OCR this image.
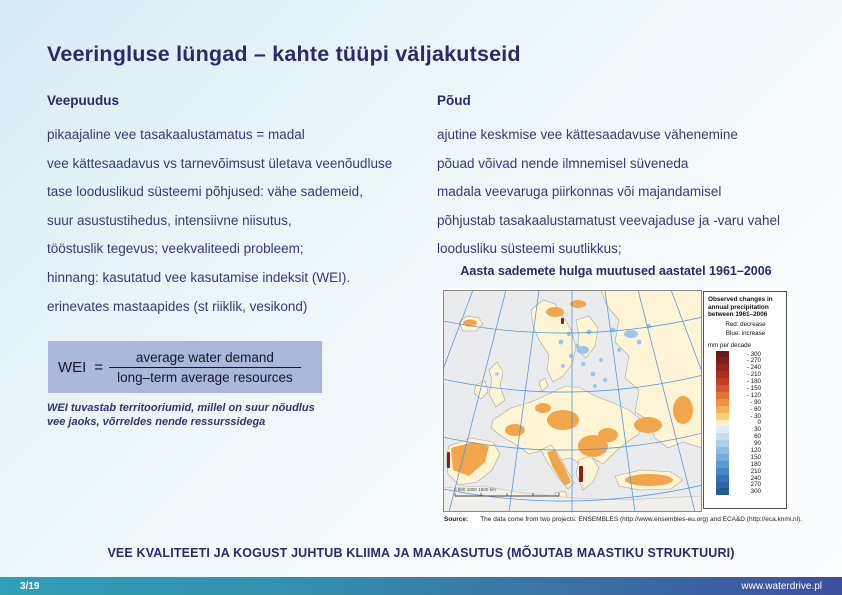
Veeringluse lüngad – kahte tüüpi väljakutseid
Veepuudus
pikaajaline vee tasakaalustamatus = madal
vee kättesaadavus vs tarnevõimsust ületava veenõudluse
tase looduslikud süsteemi põhjused: vähe sademeid,
suur asustustihedus, intensiivne niisutus,
tööstuslik tegevus; veekvaliteedi probleem;
hinnang: kasutatud vee kasutamise indeksit (WEI).
erinevates mastaapides (st riiklik, vesikond)
Põud
ajutine keskmise vee kättesaadavuse vähenemine
põuad võivad nende ilmnemisel süveneda
madala veevaruga piirkonnas või majandamisel
põhjustab tasakaalustamatust veevajaduse ja -varu vahel
loodusliku süsteemi suutlikkus;
WEI = $\frac{\text{average water demand}}{\text{long–term average resources}}$
WEI tuvastab territooriumid, millel on suur nõudlus
vee jaoks, võrreldes nende ressurssidega
Aasta sademete hulga muutused aastatel 1961–2006
0 500 1000 1500 km
Observed changes in annual precipitation between 1961–2006
Red: decrease
Blue: increase
mm per decade
- 300
- 270
- 240
- 210
- 180
- 150
- 120
- 90
- 60
- 30
0
30
60
90
120
150
180
210
240
270
300
Source: The data come from two projects: ENSEMBLES (http://www.ensembles-eu.org) and ECA&D (http://eca.knmi.nl).
VEE KVALITEETI JA KOGUST JUHTUB KLIIMA JA MAAKASUTUS (MÕJUTAB MAASTIKU STRUKTUURI)
3/19	www.waterdrive.pl
